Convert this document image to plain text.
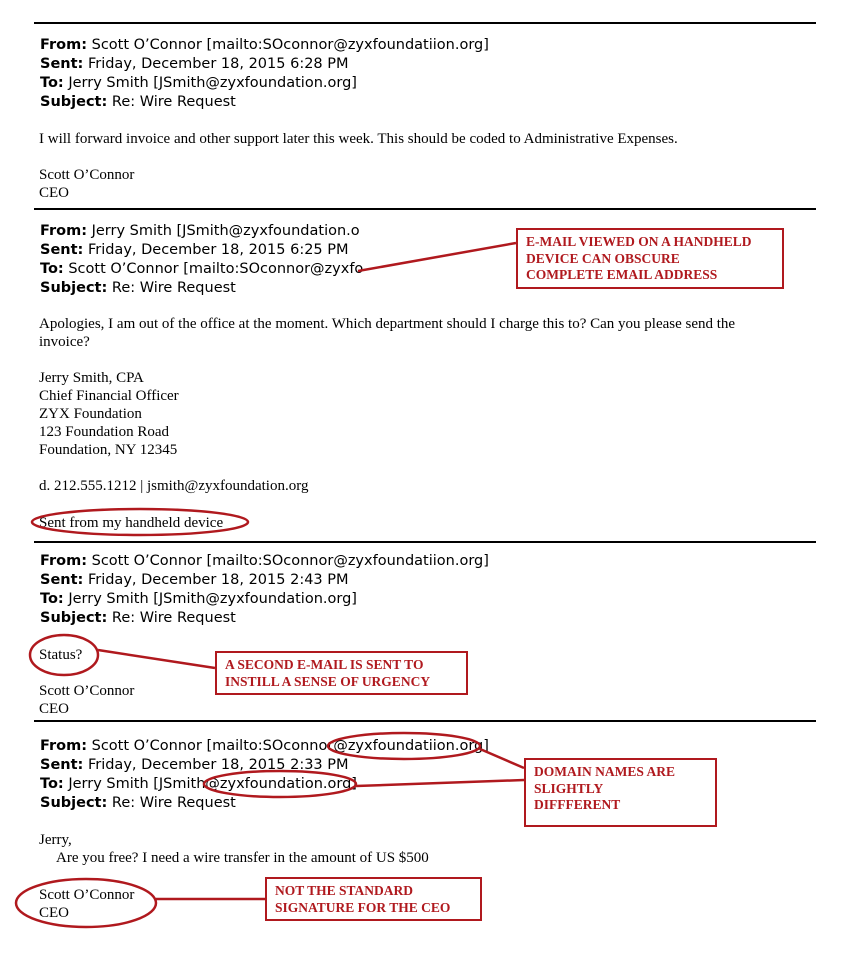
From: Scott O’Connor [mailto:SOconnor@zyxfoundatiion.org]
Sent: Friday, December 18, 2015 6:28 PM
To: Jerry Smith [JSmith@zyxfoundation.org]
Subject: Re: Wire Request
I will forward invoice and other support later this week. This should be coded to Administrative Expenses.
Scott O’Connor
CEO
From: Jerry Smith [JSmith@zyxfoundation.o
Sent: Friday, December 18, 2015 6:25 PM
To: Scott O’Connor [mailto:SOconnor@zyxfo
Subject: Re: Wire Request
Apologies, I am out of the office at the moment. Which department should I charge this to? Can you please send the
invoice?
Jerry Smith, CPA
Chief Financial Officer
ZYX Foundation
123 Foundation Road
Foundation, NY 12345
d. 212.555.1212 | jsmith@zyxfoundation.org
Sent from my handheld device
From: Scott O’Connor [mailto:SOconnor@zyxfoundatiion.org]
Sent: Friday, December 18, 2015 2:43 PM
To: Jerry Smith [JSmith@zyxfoundation.org]
Subject: Re: Wire Request
Status?
Scott O’Connor
CEO
From: Scott O’Connor [mailto:SOconnor@zyxfoundatiion.org]
Sent: Friday, December 18, 2015 2:33 PM
To: Jerry Smith [JSmith@zyxfoundation.org]
Subject: Re: Wire Request
Jerry,
Are you free? I need a wire transfer in the amount of US $500
Scott O’Connor
CEO
E-MAIL VIEWED ON A HANDHELD
DEVICE CAN OBSCURE
COMPLETE EMAIL ADDRESS
A SECOND E-MAIL IS SENT TO
INSTILL A SENSE OF URGENCY
DOMAIN NAMES ARE
SLIGHTLY
DIFFFERENT
NOT THE STANDARD
SIGNATURE FOR THE CEO
